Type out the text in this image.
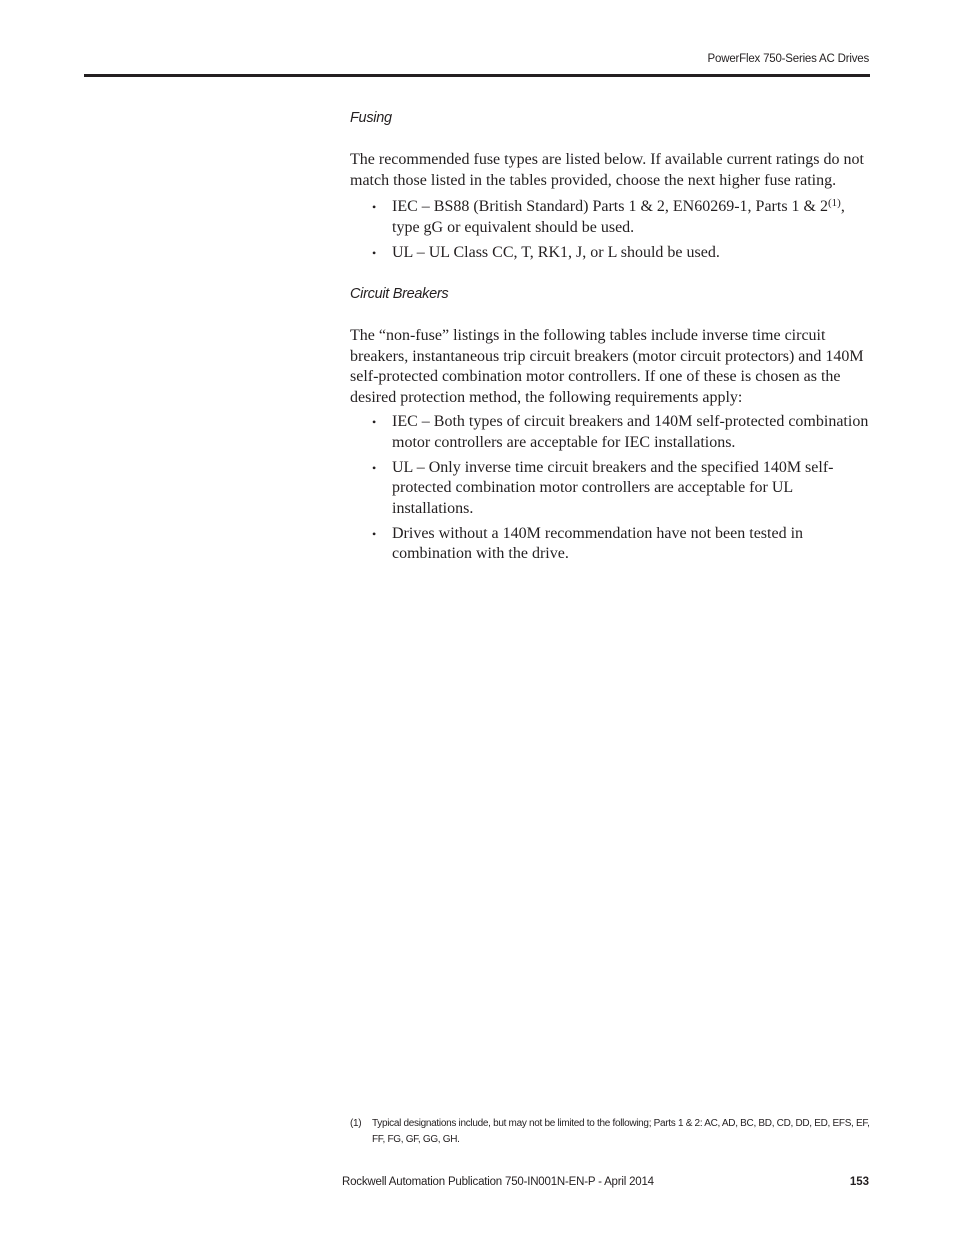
PowerFlex 750-Series AC Drives
Fusing

The recommended fuse types are listed below. If available current ratings do not match those listed in the tables provided, choose the next higher fuse rating.

• IEC – BS88 (British Standard) Parts 1 & 2, EN60269-1, Parts 1 & 2$^{(1)}$, type gG or equivalent should be used.
• UL – UL Class CC, T, RK1, J, or L should be used.
Circuit Breakers

The “non-fuse” listings in the following tables include inverse time circuit breakers, instantaneous trip circuit breakers (motor circuit protectors) and 140M self-protected combination motor controllers. If one of these is chosen as the desired protection method, the following requirements apply:

• IEC – Both types of circuit breakers and 140M self-protected combination motor controllers are acceptable for IEC installations.
• UL – Only inverse time circuit breakers and the specified 140M self-protected combination motor controllers are acceptable for UL installations.
• Drives without a 140M recommendation have not been tested in combination with the drive.
(1)	Typical designations include, but may not be limited to the following; Parts 1 & 2: AC, AD, BC, BD, CD, DD, ED, EFS, EF, FF, FG, GF, GG, GH.
Rockwell Automation Publication 750-IN001N-EN-P - April 2014	153
